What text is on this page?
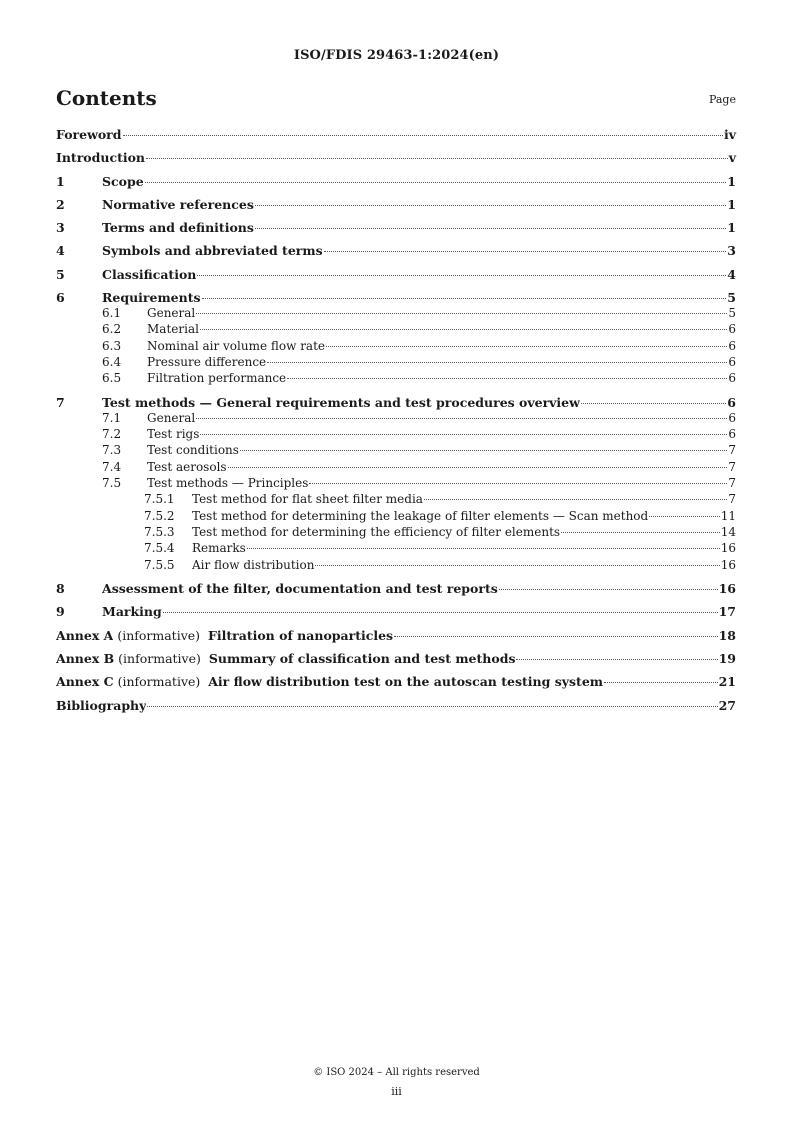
ISO/FDIS 29463-1:2024(en)
Contents	Page
Foreword	iv
Introduction	v
1	Scope	1
2	Normative references	1
3	Terms and definitions	1
4	Symbols and abbreviated terms	3
5	Classification	4
6	Requirements	5
6.1	General	5
6.2	Material	6
6.3	Nominal air volume flow rate	6
6.4	Pressure difference	6
6.5	Filtration performance	6
7	Test methods — General requirements and test procedures overview	6
7.1	General	6
7.2	Test rigs	6
7.3	Test conditions	7
7.4	Test aerosols	7
7.5	Test methods — Principles	7
7.5.1	Test method for flat sheet filter media	7
7.5.2	Test method for determining the leakage of filter elements — Scan method	11
7.5.3	Test method for determining the efficiency of filter elements	14
7.5.4	Remarks	16
7.5.5	Air flow distribution	16
8	Assessment of the filter, documentation and test reports	16
9	Marking	17
Annex A (informative) Filtration of nanoparticles	18
Annex B (informative) Summary of classification and test methods	19
Annex C (informative) Air flow distribution test on the autoscan testing system	21
Bibliography	27
© ISO 2024 – All rights reserved
iii
